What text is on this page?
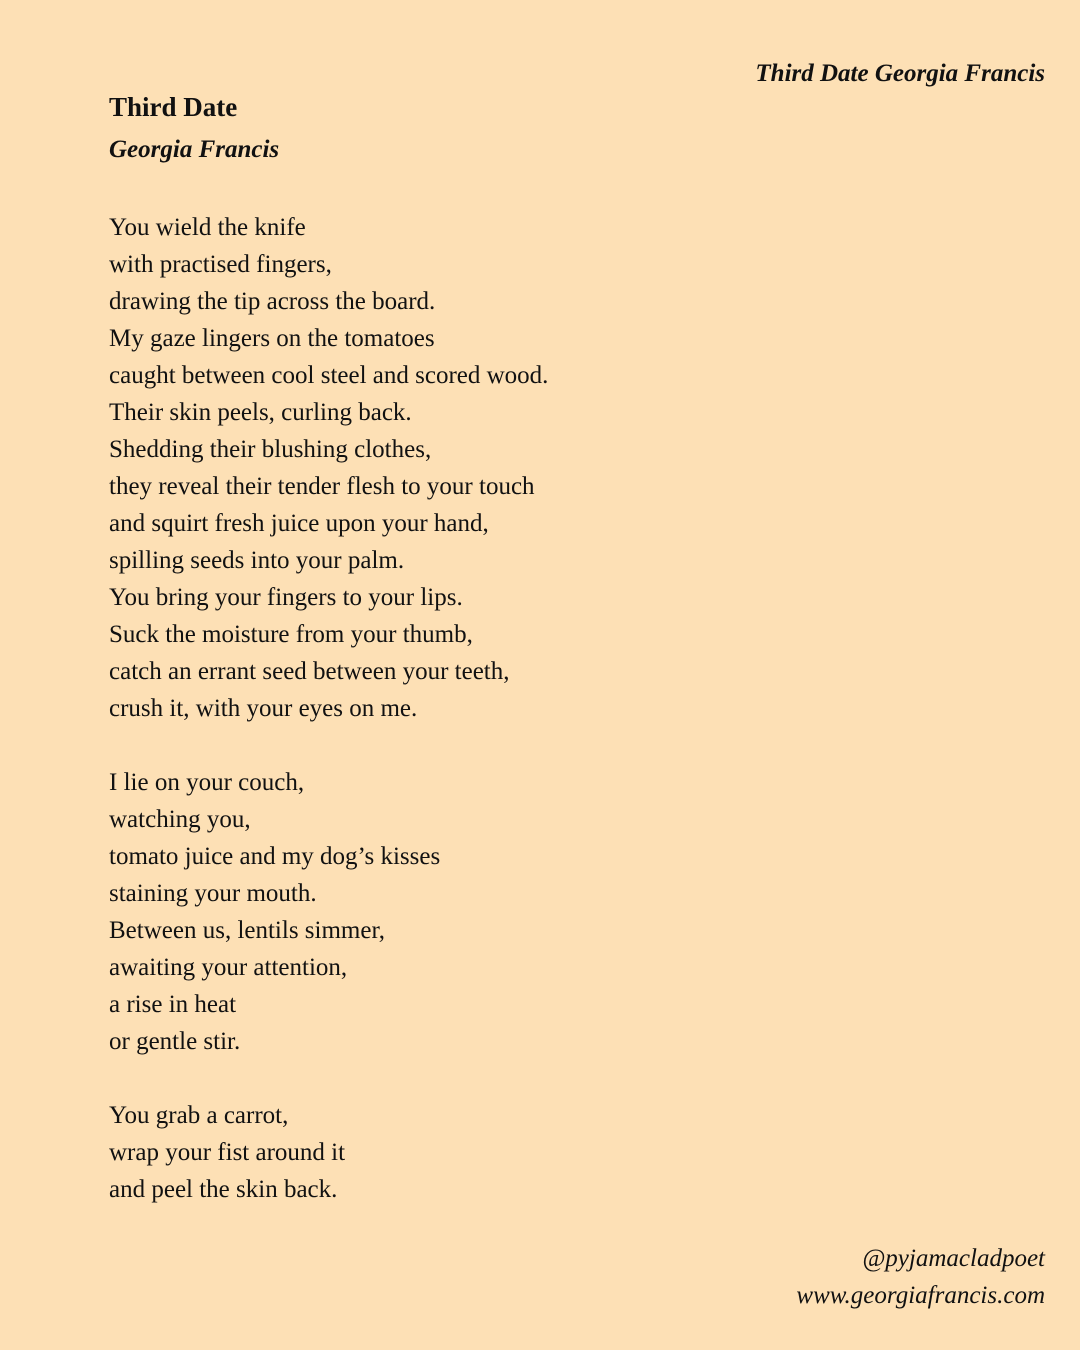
Third Date Georgia Francis
Third Date
Georgia Francis
You wield the knife
with practised fingers,
drawing the tip across the board.
My gaze lingers on the tomatoes
caught between cool steel and scored wood.
Their skin peels, curling back.
Shedding their blushing clothes,
they reveal their tender flesh to your touch
and squirt fresh juice upon your hand,
spilling seeds into your palm.
You bring your fingers to your lips.
Suck the moisture from your thumb,
catch an errant seed between your teeth,
crush it, with your eyes on me.
I lie on your couch,
watching you,
tomato juice and my dog’s kisses
staining your mouth.
Between us, lentils simmer,
awaiting your attention,
a rise in heat
or gentle stir.
You grab a carrot,
wrap your fist around it
and peel the skin back.
@pyjamacladpoet
www.georgiafrancis.com
